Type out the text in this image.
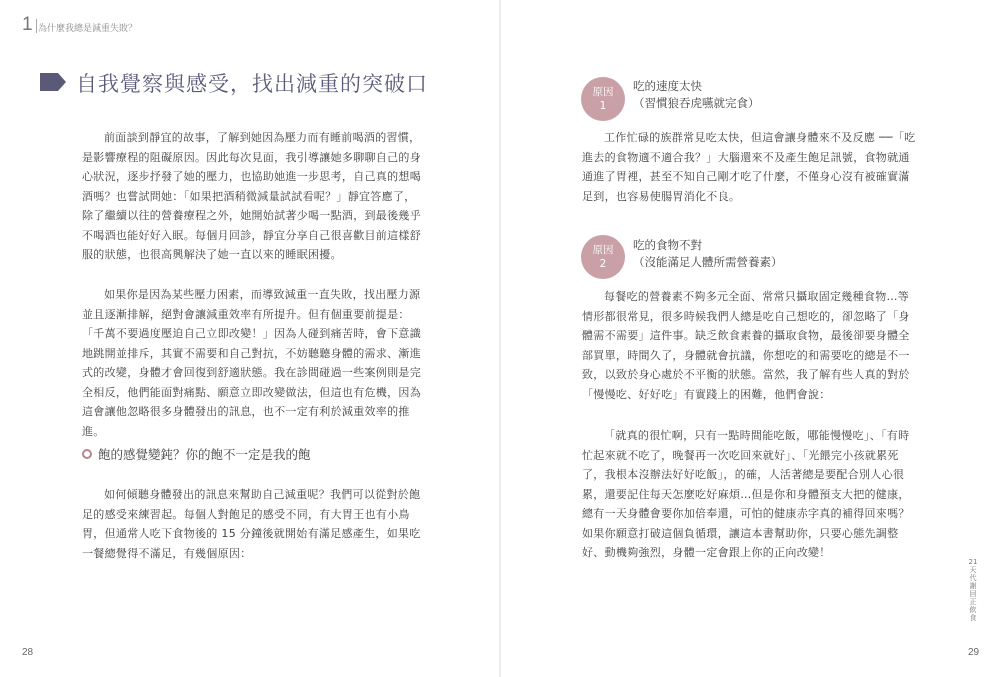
1 為什麼我總是減重失敗？
自我覺察與感受，找出減重的突破口

前面談到靜宜的故事，了解到她因為壓力而有睡前喝酒的習慣，是影響療程的阻礙原因。因此每次見面，我引導讓她多聊聊自己的身心狀況，逐步抒發了她的壓力，也協助她進一步思考，自己真的想喝酒嗎？也嘗試問她：「如果把酒稍微減量試試看呢？」靜宜答應了，除了繼續以往的營養療程之外，她開始試著少喝一點酒，到最後幾乎不喝酒也能好好入眠。每個月回診，靜宜分享自己很喜歡目前這樣舒服的狀態，也很高興解決了她一直以來的睡眠困擾。

如果你是因為某些壓力困素，而導致減重一直失敗，找出壓力源並且逐漸排解，絕對會讓減重效率有所提升。但有個重要前提是：「千萬不要過度壓迫自己立即改變！」因為人碰到痛苦時，會下意識地跳開並排斥，其實不需要和自己對抗，不妨聽聽身體的需求、漸進式的改變，身體才會回復到舒適狀態。我在診間碰過一些案例則是完全相反，他們能面對痛點、願意立即改變做法，但這也有危機，因為這會讓他忽略很多身體發出的訊息，也不一定有利於減重效率的推進。

飽的感覺變鈍？你的飽不一定是我的飽

如何傾聽身體發出的訊息來幫助自己減重呢？我們可以從對於飽足的感受來練習起。每個人對飽足的感受不同，有大胃王也有小鳥胃，但通常人吃下食物後的 15 分鐘後就開始有滿足感產生，如果吃一餐總覺得不滿足，有幾個原因：

28
原因
1
吃的速度太快
（習慣狼吞虎嚥就完食）

工作忙碌的族群常見吃太快，但這會讓身體來不及反應 ──「吃進去的食物適不適合我？」大腦還來不及產生飽足訊號，食物就通通進了胃裡，甚至不知自己剛才吃了什麼，不僅身心沒有被確實滿足到，也容易使腸胃消化不良。

原因
2
吃的食物不對
（沒能滿足人體所需營養素）

每餐吃的營養素不夠多元全面、常常只攝取固定幾種食物…等情形都很常見，很多時候我們人總是吃自己想吃的，卻忽略了「身體需不需要」這件事。缺乏飲食素養的攝取食物，最後卻要身體全部買單，時間久了，身體就會抗議，你想吃的和需要吃的總是不一致，以致於身心處於不平衡的狀態。當然，我了解有些人真的對於「慢慢吃、好好吃」有實踐上的困難，他們會說：

「就真的很忙啊，只有一點時間能吃飯，哪能慢慢吃」、「有時忙起來就不吃了，晚餐再一次吃回來就好」、「光餵完小孩就累死了，我根本沒辦法好好吃飯」，的確，人活著總是要配合別人心很累，還要記住每天怎麼吃好麻煩…但是你和身體預支大把的健康，總有一天身體會要你加倍奉還，可怕的健康赤字真的補得回來嗎？如果你願意打破這個負循環，讓這本書幫助你，只要心態先調整好、動機夠強烈，身體一定會跟上你的正向改變！

21天代謝回正飲食
29
